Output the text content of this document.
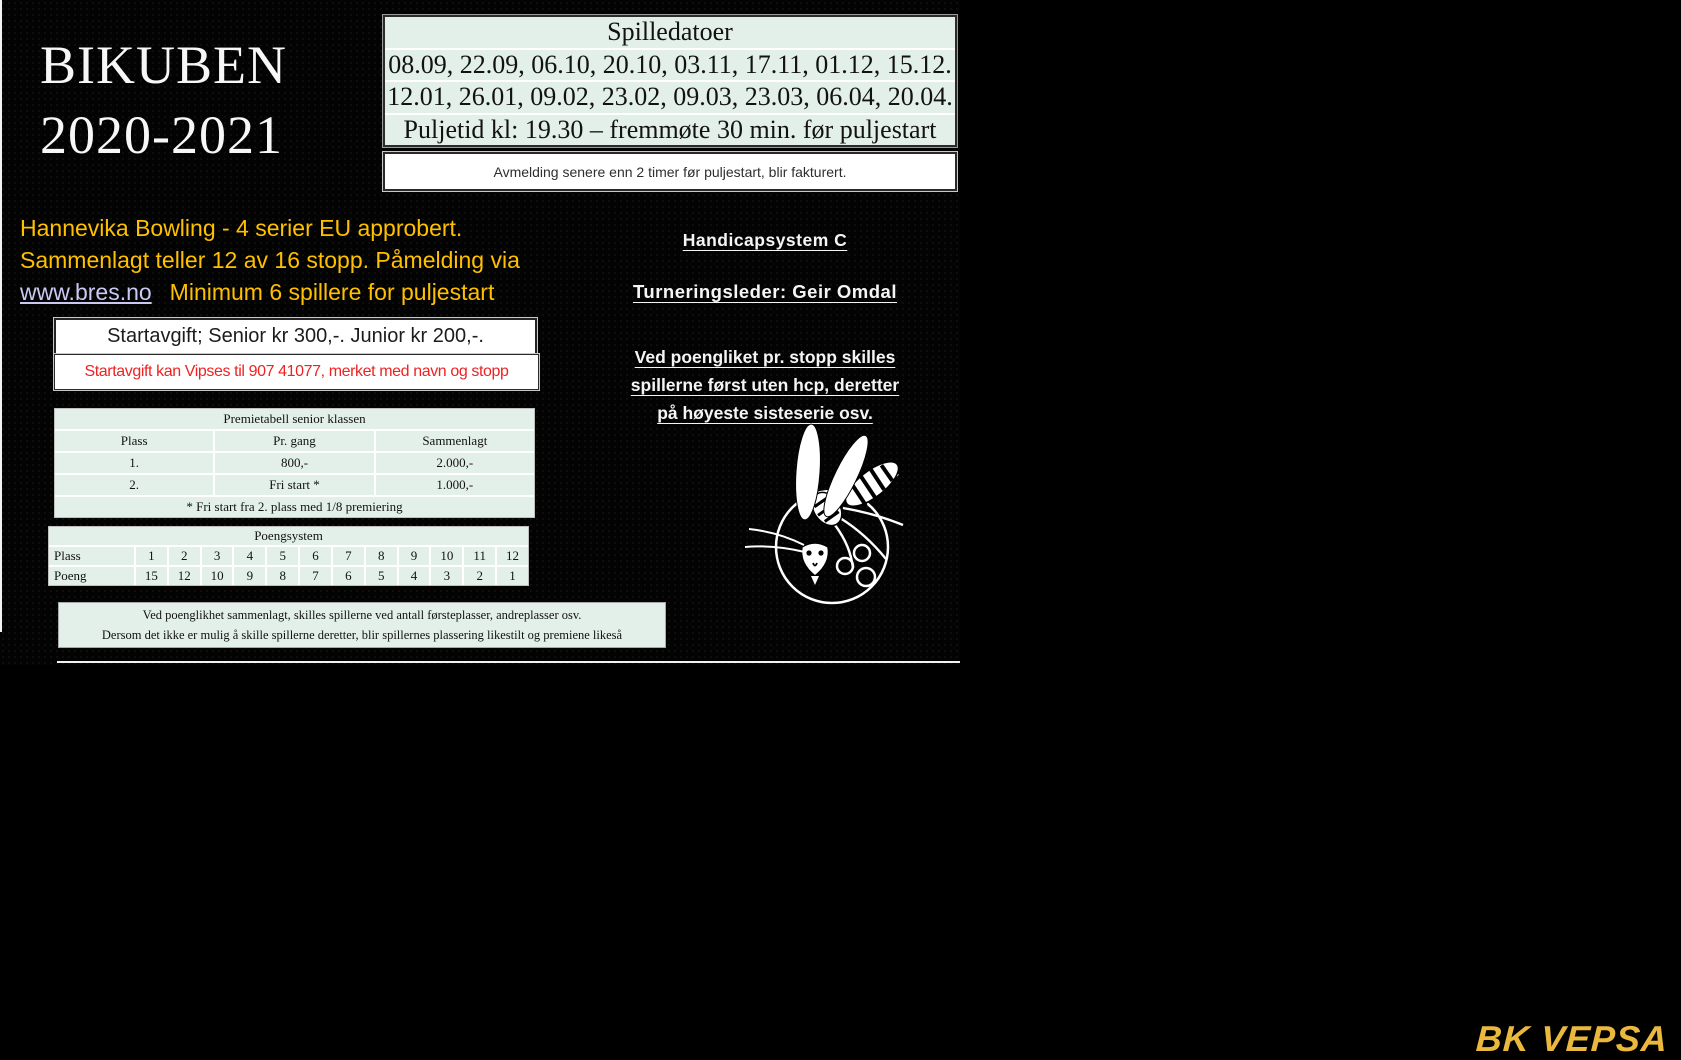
BIKUBEN
2020-2021
Spilledatoer
08.09, 22.09, 06.10, 20.10, 03.11, 17.11, 01.12, 15.12.
12.01, 26.01, 09.02, 23.02, 09.03, 23.03, 06.04, 20.04.
Puljetid kl: 19.30 – fremmøte 30 min. før puljestart
Avmelding senere enn 2 timer før puljestart, blir fakturert.
Hannevika Bowling - 4 serier EU approbert.
Sammenlagt teller 12 av 16 stopp. Påmelding via
www.bres.no Minimum 6 spillere for puljestart
Startavgift; Senior kr 300,-. Junior kr 200,-.
Startavgift kan Vipses til 907 41077, merket med navn og stopp
Premietabell senior klassen
Plass	Pr. gang	Sammenlagt
1.	800,-	2.000,-
2.	Fri start *	1.000,-
* Fri start fra 2. plass med 1/8 premiering
Poengsystem
Plass	1	2	3	4	5	6	7	8	9	10	11	12
Poeng	15	12	10	9	8	7	6	5	4	3	2	1
Ved poenglikhet sammenlagt, skilles spillerne ved antall førsteplasser, andreplasser osv.
Dersom det ikke er mulig å skille spillerne deretter, blir spillernes plassering likestilt og premiene likeså
Handicapsystem C
Turneringsleder: Geir Omdal
Ved poengliket pr. stopp skilles
spillerne først uten hcp, deretter
på høyeste sisteserie osv.
BK VEPSA
